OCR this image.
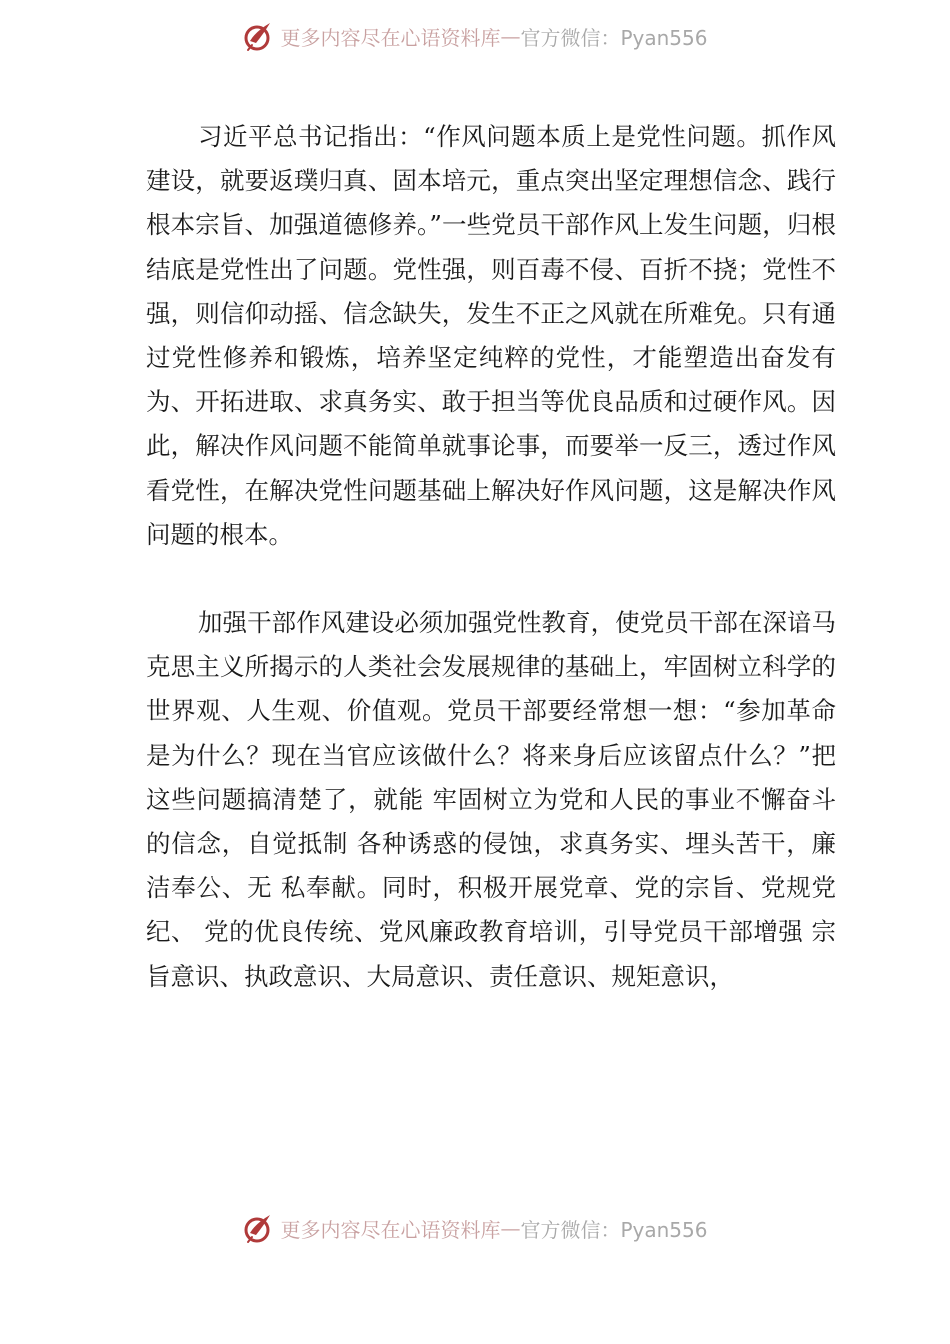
更多内容尽在心语资料库 — 官方微信：Pyan556

习近平总书记指出：“作风问题本质上是党性问题。抓作风建设，就要返璞归真、固本培元，重点突出坚定理想信念、践行根本宗旨、加强道德修养。”一些党员干部作风上发生问题，归根结底是党性出了问题。党性强，则百毒不侵、百折不挠；党性不强，则信仰动摇、信念缺失，发生不正之风就在所难免。只有通过党性修养和锻炼，培养坚定纯粹的党性，才能塑造出奋发有为、开拓进取、求真务实、敢于担当等优良品质和过硬作风。因此，解决作风问题不能简单就事论事，而要举一反三，透过作风看党性，在解决党性问题基础上解决好作风问题，这是解决作风问题的根本。

加强干部作风建设必须加强党性教育，使党员干部在深谙马克思主义所揭示的人类社会发展规律的基础上，牢固树立科学的世界观、人生观、价值观。党员干部要经常想一想：“参加革命是为什么？现在当官应该做什么？将来身后应该留点什么？”把这些问题搞清楚了，就能 牢固树立为党和人民的事业不懈奋斗的信念，自觉抵制 各种诱惑的侵蚀，求真务实、埋头苦干，廉洁奉公、无 私奉献。同时，积极开展党章、党的宗旨、党规党纪、 党的优良传统、党风廉政教育培训，引导党员干部增强 宗旨意识、执政意识、大局意识、责任意识、规矩意识，

更多内容尽在心语资料库 — 官方微信：Pyan556
